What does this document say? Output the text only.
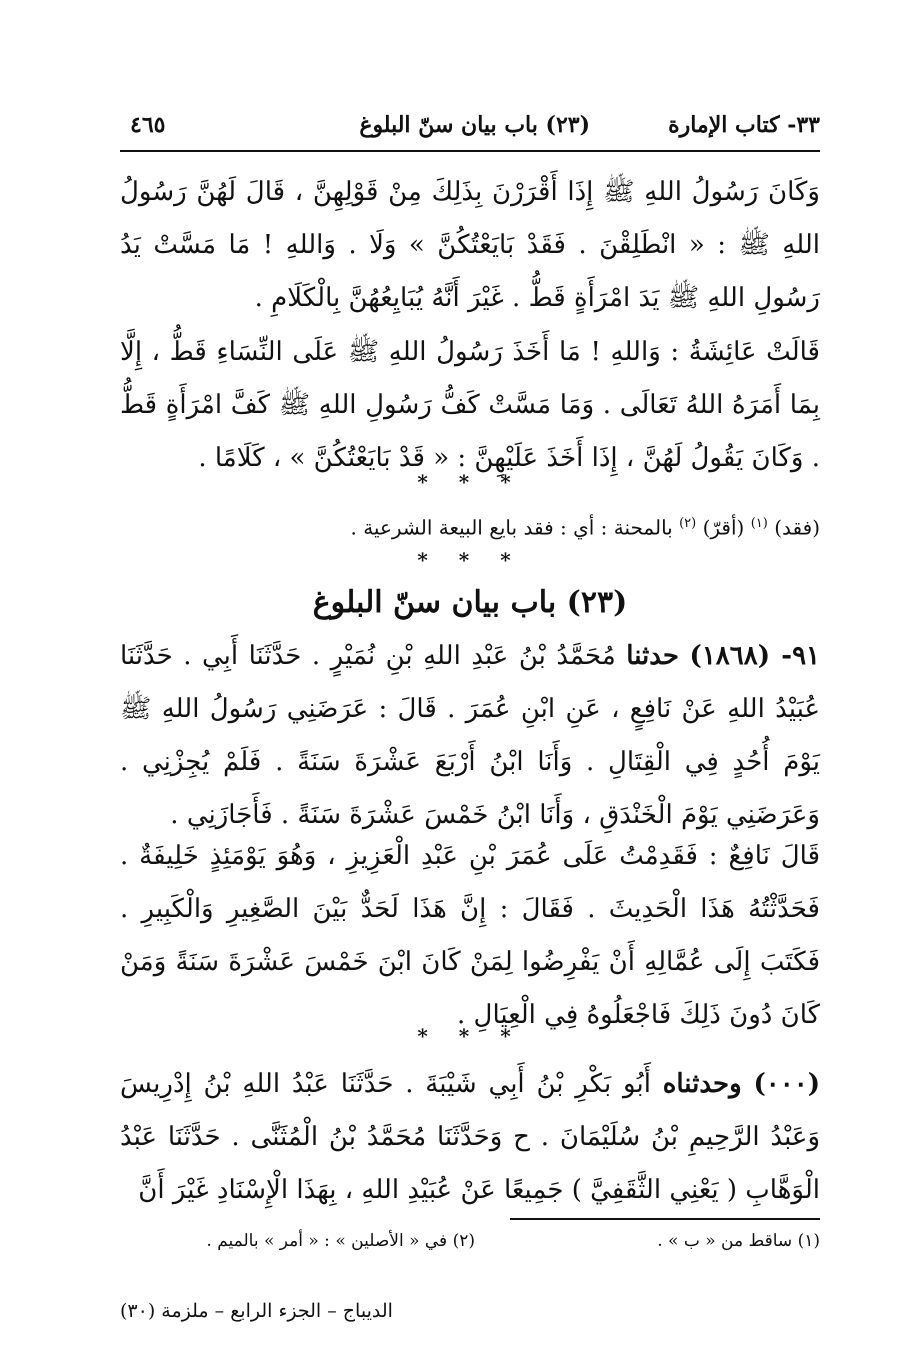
٣٣- كتاب الإمارة
(٢٣) باب بيان سنّ البلوغ
٤٦٥
وَكَانَ رَسُولُ اللهِ ﷺ إِذَا أَقْرَرْنَ بِذَلِكَ مِنْ قَوْلِهِنَّ ، قَالَ لَهُنَّ رَسُولُ اللهِ ﷺ : « انْطَلِقْنَ . فَقَدْ بَايَعْتُكُنَّ » وَلَا . وَاللهِ ! مَا مَسَّتْ يَدُ رَسُولِ اللهِ ﷺ يَدَ امْرَأَةٍ قَطُّ . غَيْرَ أَنَّهُ يُبَايِعُهُنَّ بِالْكَلَامِ .
قَالَتْ عَائِشَةُ : وَاللهِ ! مَا أَخَذَ رَسُولُ اللهِ ﷺ عَلَى النِّسَاءِ قَطُّ ، إِلَّا بِمَا أَمَرَهُ اللهُ تَعَالَى . وَمَا مَسَّتْ كَفُّ رَسُولِ اللهِ ﷺ كَفَّ امْرَأَةٍ قَطُّ . وَكَانَ يَقُولُ لَهُنَّ ، إِذَا أَخَذَ عَلَيْهِنَّ : « قَدْ بَايَعْتُكُنَّ » ، كَلَامًا .
* * *
(فقد) $^{(١)}$ (أقرّ) $^{(٢)}$ بالمحنة : أي : فقد بايع البيعة الشرعية .
* * *
(٢٣) باب بيان سنّ البلوغ
٩١- (١٨٦٨) حدثنا مُحَمَّدُ بْنُ عَبْدِ اللهِ بْنِ نُمَيْرٍ . حَدَّثَنَا أَبِي . حَدَّثَنَا عُبَيْدُ اللهِ عَنْ نَافِعٍ ، عَنِ ابْنِ عُمَرَ . قَالَ : عَرَضَنِي رَسُولُ اللهِ ﷺ يَوْمَ أُحُدٍ فِي الْقِتَالِ . وَأَنَا ابْنُ أَرْبَعَ عَشْرَةَ سَنَةً . فَلَمْ يُجِزْنِي . وَعَرَضَنِي يَوْمَ الْخَنْدَقِ ، وَأَنَا ابْنُ خَمْسَ عَشْرَةَ سَنَةً . فَأَجَازَنِي .
قَالَ نَافِعٌ : فَقَدِمْتُ عَلَى عُمَرَ بْنِ عَبْدِ الْعَزِيزِ ، وَهُوَ يَوْمَئِذٍ خَلِيفَةٌ . فَحَدَّثْتُهُ هَذَا الْحَدِيثَ . فَقَالَ : إِنَّ هَذَا لَحَدٌّ بَيْنَ الصَّغِيرِ وَالْكَبِيرِ . فَكَتَبَ إِلَى عُمَّالِهِ أَنْ يَفْرِضُوا لِمَنْ كَانَ ابْنَ خَمْسَ عَشْرَةَ سَنَةً وَمَنْ كَانَ دُونَ ذَلِكَ فَاجْعَلُوهُ فِي الْعِيَالِ .
* * *
(٠٠٠) وحدثناه أَبُو بَكْرِ بْنُ أَبِي شَيْبَةَ . حَدَّثَنَا عَبْدُ اللهِ بْنُ إِدْرِيسَ وَعَبْدُ الرَّحِيمِ بْنُ سُلَيْمَانَ . ح وَحَدَّثَنَا مُحَمَّدُ بْنُ الْمُثَنَّى . حَدَّثَنَا عَبْدُ الْوَهَّابِ ( يَعْنِي الثَّقَفِيَّ ) جَمِيعًا عَنْ عُبَيْدِ اللهِ ، بِهَذَا الْإِسْنَادِ غَيْرَ أَنَّ
(١) ساقط من « ب » .
(٢) في « الأصلين » : « أمر » بالميم .
الديباج – الجزء الرابع – ملزمة (٣٠)
